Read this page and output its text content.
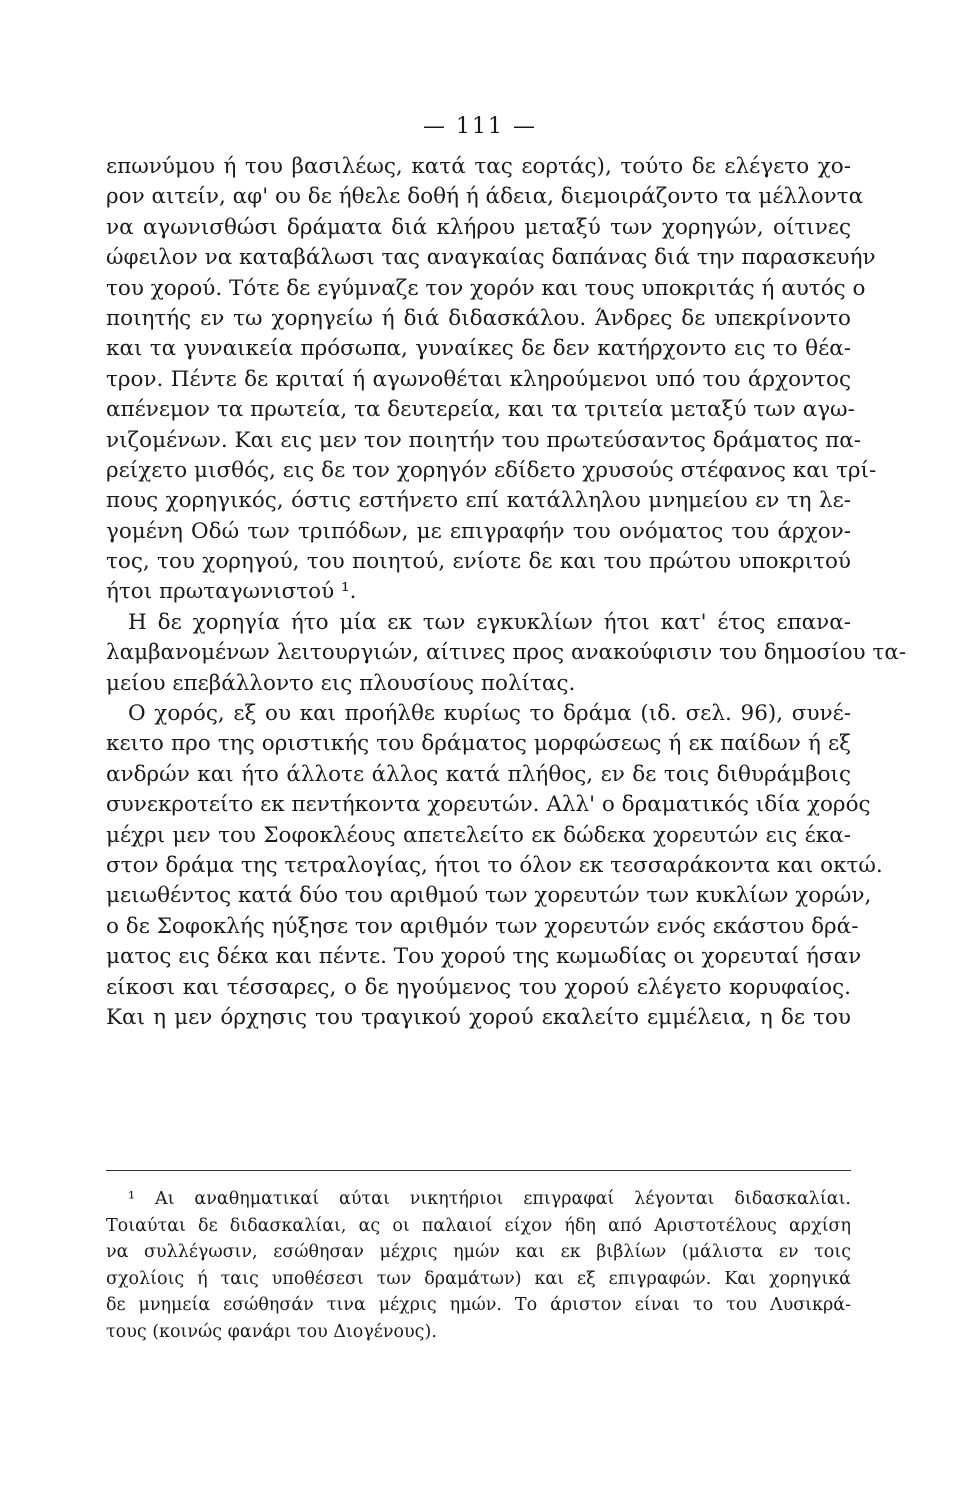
— 111 —
επωνύμου ή του βασιλέως, κατά τας εορτάς), τούτο δε ελέγετο χο-
ρον αιτείν, αφ' ου δε ήθελε δοθή ή άδεια, διεμοιράζοντο τα μέλλοντα
να αγωνισθώσι δράματα διά κλήρου μεταξύ των χορηγών, οίτινες
ώφειλον να καταβάλωσι τας αναγκαίας δαπάνας διά την παρασκευήν
του χορού. Τότε δε εγύμναζε τον χορόν και τους υποκριτάς ή αυτός ο
ποιητής εν τω χορηγείω ή διά διδασκάλου. Άνδρες δε υπεκρίνοντο
και τα γυναικεία πρόσωπα, γυναίκες δε δεν κατήρχοντο εις το θέα-
τρον. Πέντε δε κριταί ή αγωνοθέται κληρούμενοι υπό του άρχοντος
απένεμον τα πρωτεία, τα δευτερεία, και τα τριτεία μεταξύ των αγω-
νιζομένων. Και εις μεν τον ποιητήν του πρωτεύσαντος δράματος πα-
ρείχετο μισθός, εις δε τον χορηγόν εδίδετο χρυσούς στέφανος και τρί-
πους χορηγικός, όστις εστήνετο επί κατάλληλου μνημείου εν τη λε-
γομένη Οδώ των τριπόδων, με επιγραφήν του ονόματος του άρχον-
τος, του χορηγού, του ποιητού, ενίοτε δε και του πρώτου υποκριτού
ήτοι πρωταγωνιστού ¹.
Η δε χορηγία ήτο μία εκ των εγκυκλίων ήτοι κατ' έτος επανα-
λαμβανομένων λειτουργιών, αίτινες προς ανακούφισιν του δημοσίου τα-
μείου επεβάλλοντο εις πλουσίους πολίτας.
Ο χορός, εξ ου και προήλθε κυρίως το δράμα (ιδ. σελ. 96), συνέ-
κειτο προ της οριστικής του δράματος μορφώσεως ή εκ παίδων ή εξ
ανδρών και ήτο άλλοτε άλλος κατά πλήθος, εν δε τοις διθυράμβοις
συνεκροτείτο εκ πεντήκοντα χορευτών. Αλλ' ο δραματικός ιδία χορός
μέχρι μεν του Σοφοκλέους απετελείτο εκ δώδεκα χορευτών εις έκα-
στον δράμα της τετραλογίας, ήτοι το όλον εκ τεσσαράκοντα και οκτώ.
μειωθέντος κατά δύο του αριθμού των χορευτών των κυκλίων χορών,
ο δε Σοφοκλής ηύξησε τον αριθμόν των χορευτών ενός εκάστου δρά-
ματος εις δέκα και πέντε. Του χορού της κωμωδίας οι χορευταί ήσαν
είκοσι και τέσσαρες, ο δε ηγούμενος του χορού ελέγετο κορυφαίος.
Και η μεν όρχησις του τραγικού χορού εκαλείτο εμμέλεια, η δε του
¹ Αι αναθηματικαί αύται νικητήριοι επιγραφαί λέγονται διδασκαλίαι.
Τοιαύται δε διδασκαλίαι, ας οι παλαιοί είχον ήδη από Αριστοτέλους αρχίση
να συλλέγωσιν, εσώθησαν μέχρις ημών και εκ βιβλίων (μάλιστα εν τοις
σχολίοις ή ταις υποθέσεσι των δραμάτων) και εξ επιγραφών. Και χορηγικά
δε μνημεία εσώθησάν τινα μέχρις ημών. Το άριστον είναι το του Λυσικρά-
τους (κοινώς φανάρι του Διογένους).
